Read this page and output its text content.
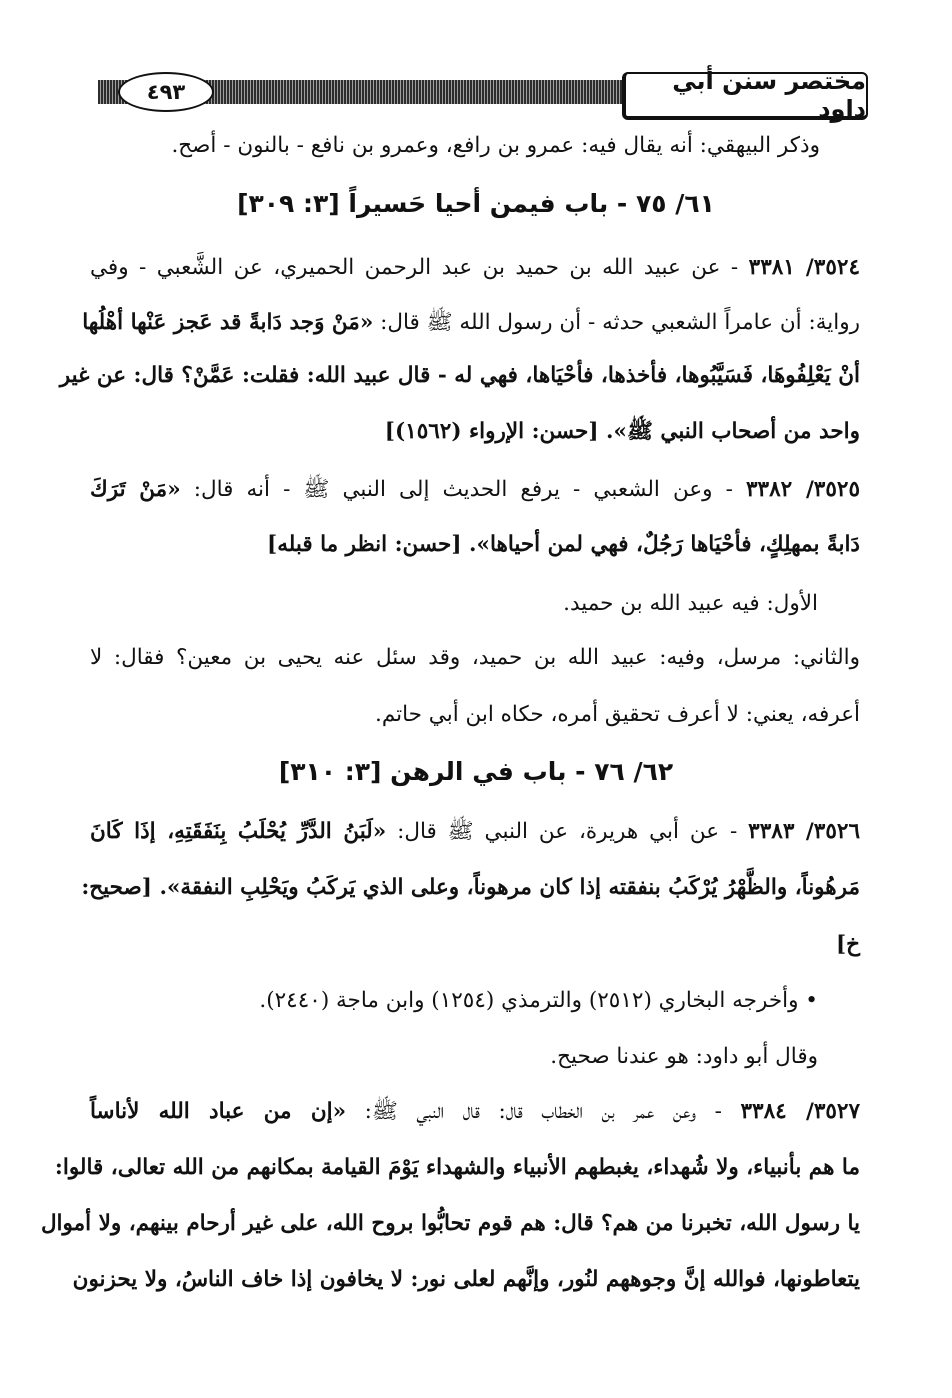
٤٩٣	مختصر سنن أبي داود
وذكر البيهقي: أنه يقال فيه: عمرو بن رافع، وعمرو بن نافع - بالنون - أصح.
٦١/ ٧٥ - باب فيمن أحيا حَسيراً [٣: ٣٠٩]
٣٥٢٤/ ٣٣٨١ - عن عبيد الله بن حميد بن عبد الرحمن الحميري، عن الشَّعبي - وفي
رواية: أن عامراً الشعبي حدثه - أن رسول الله ﷺ قال: «مَنْ وَجد دَابةً قد عَجز عَنْها أهْلُها
أنْ يَعْلِفُوهَا، فَسَيَّبُوها، فأخذها، فأحْيَاها، فهي له - قال عبيد الله: فقلت: عَمَّنْ؟ قال: عن غير
واحد من أصحاب النبي ﷺ». [حسن: الإرواء (١٥٦٢)]
٣٥٢٥/ ٣٣٨٢ - وعن الشعبي - يرفع الحديث إلى النبي ﷺ - أنه قال: «مَنْ تَرَكَ
دَابةً بمهلِكٍ، فأحْيَاها رَجُلٌ، فهي لمن أحياها». [حسن: انظر ما قبله]
الأول: فيه عبيد الله بن حميد.
والثاني: مرسل، وفيه: عبيد الله بن حميد، وقد سئل عنه يحيى بن معين؟ فقال: لا
أعرفه، يعني: لا أعرف تحقيق أمره، حكاه ابن أبي حاتم.
٦٢/ ٧٦ - باب في الرهن [٣: ٣١٠]
٣٥٢٦/ ٣٣٨٣ - عن أبي هريرة، عن النبي ﷺ قال: «لَبَنُ الدَّرِّ يُحْلَبُ بِنَفَقَتِهِ، إذَا كَانَ
مَرهُوناً، والظَّهْرُ يُرْكَبُ بنفقته إذا كان مرهوناً، وعلى الذي يَركَبُ ويَحْلِبِ النفقة». [صحيح:
خ]
• وأخرجه البخاري (٢٥١٢) والترمذي (١٢٥٤) وابن ماجة (٢٤٤٠).
وقال أبو داود: هو عندنا صحيح.
٣٥٢٧/ ٣٣٨٤ - وعن عمر بن الخطاب قال: قال النبي ﷺ: «إن من عباد الله لأناساً
ما هم بأنبياء، ولا شُهداء، يغبطهم الأنبياء والشهداء يَوْمَ القيامة بمكانهم من الله تعالى، قالوا:
يا رسول الله، تخبرنا من هم؟ قال: هم قوم تحابُّوا بروح الله، على غير أرحام بينهم، ولا أموال
يتعاطونها، فوالله إنَّ وجوههم لنُور، وإنَّهم لعلى نور: لا يخافون إذا خاف الناسُ، ولا يحزنون
